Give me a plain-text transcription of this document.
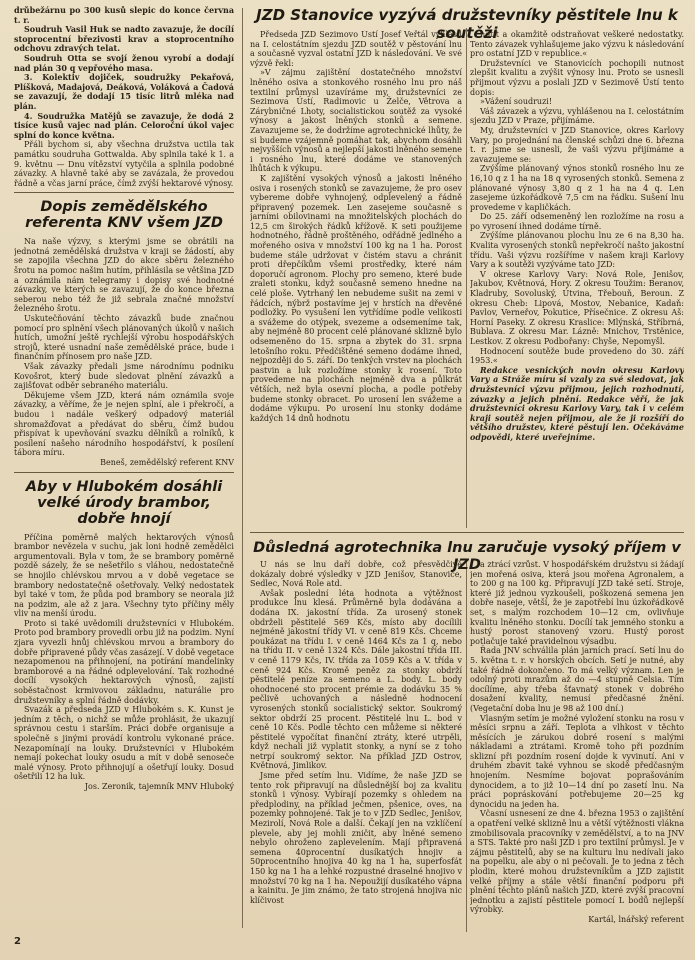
drůbežárnu po 300 kusů slepic do konce června t. r.

Soudruh Vasil Huk se nadto zavazuje, že docílí stoprocentní březivosti krav a stoprocentního odchovu zdravých telat.

Soudruh Otta se svojí ženou vyrobí a dodají nad plán 30 q vepřového masa.

3. Kolektiv dojiček, soudružky Pekařová, Plíšková, Madajová, Deáková, Voláková a Čadová se zavazují, že dodají 15 tisíc litrů mléka nad plán.

4. Soudružka Matějů se zavazuje, že dodá 2 tisíce kusů vajec nad plán. Celoroční úkol vajec splní do konce května.

Přáli bychom si, aby všechna družstva uctila tak památku soudruha Gottwalda. Aby splnila také k 1. a 9. květnu — Dnu vítězství vytyčila a splnila podobné závazky. A hlavně také aby se zavázala, že provedou řádně a včas jarní práce, čímž zvýší hektarové výnosy.

Dopis zemědělského referenta KNV všem JZD

Na naše výzvy, s kterými jsme se obrátili na jednotná zemědělská družstva v kraji se žádostí, aby se zapojila všechna JZD do akce sběru železného šrotu na pomoc našim hutím, přihlásila se většina JZD a oznámila nám telegramy i dopisy své hodnotné závazky, ve kterých se zavazují, že do konce března seberou nebo též že již sebrala značné množství železného šrotu.

Uskutečňování těchto závazků bude značnou pomocí pro splnění všech plánovaných úkolů v našich hutích, umožní ještě rychlejší výrobu hospodářských strojů, které usnadní naše zemědělské práce, bude i finančním přínosem pro naše JZD.

Však závazky předali jsme národnímu podniku Kovošrot, který bude sledovat plnění závazků a zajišťovat odběr sebraného materiálu.

Děkujeme všem JZD, která nám oznámila svoje závazky, a věříme, že je nejen splní, ale i překročí, a budou i nadále veškerý odpadový materiál shromažďovat a předávat do sběru, čímž budou přispívat k upevňování svazku dělníků a rolníků, k posílení našeho národního hospodářství, k posílení tábora míru.

Beneš, zemědělský referent KNV
Aby v Hlubokém dosáhli velké úrody brambor, dobře hnojí

Příčina poměrně malých hektarových výnosů brambor nevězela v suchu, jak loni hodně zemědělci argumentovali. Byla v tom, že se brambory poměrně pozdě sázely, že se nešetřilo s vláhou, nedostatečně se hnojilo chlévskou mrvou a v době vegetace se brambory nedostatečně ošetřovaly. Velký nedostatek byl také v tom, že půda pod brambory se neorala již na podzim, ale až z jara. Všechny tyto příčiny měly vliv na menší úrodu.

Proto si také uvědomili družstevníci v Hlubokém. Proto pod brambory provedli orbu již na podzim. Nyní zjara vyvezli hnůj chlévskou mrvou a brambory do dobře připravené půdy včas zasázejí. V době vegetace nezapomenou na přihnojení, na potírání mandelinky bramborové a na řádné odplevelování. Tak rozhodné docílí vysokých hektarových výnosů, zajistí soběstačnost krmivovou základnu, naturálie pro družstevníky a splní řádně dodávky.

Svazák a předseda JZD v Hlubokém s. K. Kunst je jedním z těch, o nichž se může prohlásit, že ukazují správnou cestu i starším. Práci dobře organisuje a společně s jinými provádí kontrolu vykonané práce. Nezapomínají na louky. Družstevníci v Hlubokém nemají pokechat louky osudu a mít v době senoseče malé výnosy. Proto přihnojují a ošetřují louky. Dosud ošetřili 12 ha luk.

Jos. Zeronik, tajemník MNV Hluboký
JZD Stanovice vyzývá družstevníky pěstitele lnu k soutěži

Předseda JZD Sezimovo Ústí Josef Veřtál vyhlásil na I. celostátním sjezdu JZD soutěž v pěstování lnu a současně vyzval ostatní JZD k následování. Ve své výzvě řekl:

»V zájmu zajištění dostatečného množství lněného osiva a stonkového rosného lnu pro náš textilní průmysl uzavíráme my, družstevníci ze Sezimova Ústí, Radimovic u Želče, Větrova a Zárybničné Lhoty, socialistickou soutěž za vysoké výnosy a jakost lněných stonků a semene. Zavazujeme se, že dodržíme agrotechnické lhůty, že si budeme vzájemně pomáhat tak, abychom dosáhli nejvyšších výnosů a nejlepší jakosti lněného semene i rosného lnu, které dodáme ve stanovených lhůtách k výkupu.

K zajištění vysokých výnosů a jakosti lněného osiva i rosených stonků se zavazujeme, že pro osev vybereme dobře vyhnojený, odplevelený a řádně připravený pozemek. Len zasejeme současně s jarními obilovinami na množitelských plochách do 12,5 cm širokých řádků křížově. K seti použijeme hodnotného, řádně proštěného, odřádně jedlného a mořeného osiva v množství 100 kg na 1 ha. Porost budeme stále udržovat v čistém stavu a chránit proti dřepčíkům všemi prostředky, které nám doporučí agronom. Plochy pro semeno, které bude zraleti stonku, když současně semeno hnedne na celé ploše. Vytrhaný len nebudeme sušit na zemi v řádcích, nýbrž postavíme jej v hrstích na dřevěné podložky. Po vysušení len vytřídíme podle velikosti a svážeme do otýpek, svezeme a odsemeníme tak, aby nejméně 80 procent celé plánované sklizně bylo odsemeněno do 15. srpna a zbytek do 31. srpna letošního roku. Předčištěné semeno dodáme ihned, nejpozději do 5. září. Do tenkých vrstev na plochách pastvin a luk rozložíme stonky k rosení. Toto provedeme na plochách nejméně dva a půlkrát větších, než byla osevní plocha, a podle potřeby budeme stonky obracet. Po urosení len svážeme a dodáme výkupu. Po urosení lnu stonky dodáme každých 14 dnů hodnotu

notit a okamžitě odstraňovat veškeré nedostatky. Tento závazek vyhlašujeme jako výzvu k následování pro ostatní JZD v republice.«

Družstevníci ve Stanovicích pochopili nutnost zlepšit kvalitu a zvýšit výnosy lnu. Proto se usnesli přijmout výzvu a poslali JZD v Sezimově Ústí tento dopis:

»Vážení soudruzi!

Váš závazek a výzvu, vyhlášenou na I. celostátním sjezdu JZD v Praze, přijímáme.

My, družstevníci v JZD Stanovice, okres Karlovy Vary, po projednání na členské schůzi dne 6. března t. r. jsme se usnesli, že vaši výzvu přijímáme a zavazujeme se:

Zvýšíme plánovaný výnos stonků rosného lnu ze 16,10 q z 1 ha na 18 q vyrosených stonků. Semena z plánované výnosy 3,80 q z 1 ha na 4 q. Len zasejeme úzkořádkově 7,5 cm na řádku. Sušení lnu provedeme v kapličkách.

Do 25. září odsemeněný len rozložíme na rosu a po vyrosení ihned dodáme tírně.

Zvýšíme plánovanou plochu lnu ze 6 na 8,30 ha. Kvalita vyrosených stonků nepřekročí našto jakostní třídu. Vaši výzvu rozšíříme v našem kraji Karlovy Vary a k soutěži vyzýváme tato JZD:

V okrese Karlovy Vary: Nová Role, Jenišov, Jakubov, Květnová, Hory. Z okresu Toužim: Beranov, Kladruby, Sovoluský, Útvina, Třebouň, Beroun. Z okresu Cheb: Lipová, Mostov, Nebanice, Kadaň: Pavlov, Verneřov, Pokutice, Přísečnice. Z okresu Aš: Horní Paseky. Z okresu Kraslice: Mlýnská, Stříbrná, Bublava. Z okresu Mar. Lázně: Mnichov, Trstěnice, Lestkov. Z okresu Podbořany: Chyše, Nepomyšl.

Hodnocení soutěže bude provedeno do 30. září 1953.«

Redakce vesnických novin okresu Karlovy Vary a Stráže míru si vzaly za své sledovat, jak družstevníci výzvu přijmou, jejich rozhodnutí, závazky a jejich plnění. Redakce věří, že jak družstevníci okresu Karlovy Vary, tak i v celém kraji soutěž nejen přijmou, ale že ji rozšíří do většího družstev, které pěstují len. Očekáváme odpovědi, které uveřejníme.

Důsledná agrotechnika lnu zaručuje vysoký příjem v JZD

U nás se lnu daří dobře, což přesvědčivě dokázaly dobré výsledky v JZD Jenišov, Stanovice, Sedlec, Nová Role atd.

Avšak poslední léta hodnota a výtěžnost produkce lnu klesá. Průměrně byla dodávána a dodána IX. jakostní třída. Za urosený stonek obdrželi pěstitelé 569 Kčs, místo aby docílili nejméně jakostní třídy VI. v ceně 819 Kčs. Chceme poukázat na třídu I. v ceně 1464 Kčs za 1 q, nebo na třídu II. v ceně 1324 Kčs. Dále jakostní třída III. v ceně 1179 Kčs, IV. třída za 1059 Kčs a V. třída v ceně 924 Kčs. Kromě peněz za stonky obdrží pěstitelé peníze za semeno a L. body. L. body ohodnocené sto procent prémie za dodávku 35 % pečlivě uchovaných a následně hodnocení vyrosených stonků socialistický sektor. Soukromý sektor obdrží 25 procent. Pěstitelé lnu L. bod v ceně 10 Kčs. Podle těchto cen můžeme si některé pěstitelé vypočítat finanční ztráty, které utrpěli, když nechali již vyplatit stonky, a nyní se z toho netrpí soukromý sektor. Na příklad JZD Ostrov, Květnová, Jimlikov.

Jsme před setím lnu. Vidíme, že naše JZD se tento rok připravují na důslednější boj za kvalitu stonků i výnosy. Vybírají pozemky s ohledem na předplodiny, na příklad ječmen, pšenice, oves, na pozemky pohnojené. Tak je to v JZD Sedlec, Jenišov, Mezirolí, Nová Role a další. Čekají jen na vzklíčení plevele, aby jej mohli zničit, aby lněné semeno nebylo ohroženo zaplevelením. Mají připravená semena 40procentní dusíkatých hnojiv a 50procentního hnojiva 40 kg na 1 ha, superfosfát 150 kg na 1 ha a lehké rozpustné draselné hnojivo v množství 70 kg na 1 ha. Nepoužijí dusíkatého vápna a kainitu. Je jim známo, že tato strojená hnojiva nic klíčivost

a ztrácí vzrůst. V hospodářském družstvu si žádají jen mořená osiva, která jsou mořena Agronalem, a to 200 g na 100 kg. Připravují JZD také setí. Stroje, které již jednou vyzkoušeli, poškozená semena jen dobře naseje, větší, že je zapotřebí lnu úzkořádkově set, s malým rozchodem 10—12 cm, ovlivňuje kvalitu lněného stonku. Docílí tak jemného stonku a hustý porost stanovený vzoru. Hustý porost potlačuje také pravidelnou výsadbu.

Řada JNV schválila plán jarních prací. Setí lnu do 5. května t. r. v horských obcích. Setí je nutné, aby také řádně dokončeno. To má velký význam. Len je odolný proti mrazům až do —4 stupně Celsia. Tím docílíme, aby třeba šťavnatý stonek v dobrého dosažení kvality, nemusí předčasné žnění. (Vegetační doba lnu je 98 až 100 dní.)

Vlasným setím je možné vyložení stonku na rosu v měsíci srpnu a září. Teplota a vlhkost v těchto měsících je zárukou dobré rosení s malými nákladami a ztrátami. Kromě toho při pozdním sklizní při pozdním rosení dojde k vyvinutí. Ani v druhém zbavit také vyhnou se skodě předčasným hnojením. Nesmíme bojovat poprašováním dynocidem, a to již 10—14 dní po zasetí lnu. Na práci popráskování potřebujeme 20—25 kg dynocidu na jeden ha.

Včasní usnesení ze dne 4. března 1953 o zajištění a opatření velké sklizně lnu a větší výtěžnosti vlákna zmobilisovala pracovníky v zemědělství, a to na JNV a STS. Takté pro naši JZD i pro textilní průmysl. Je v zájmu pěstitelů, aby se na kulturu lnu nedívali jako na popelku, ale aby o ni pečovali. Je to jedna z těch plodin, které mohou družstevníkům a JZD zajistit velké příjmy a stále větší finanční podporu při plnění těchto plánů našich JZD, které zvýší pracovní jednotku a zajistí pěstitele pomocí L bodů nejlepší výrobky.

Kartál, lnářský referent
2
